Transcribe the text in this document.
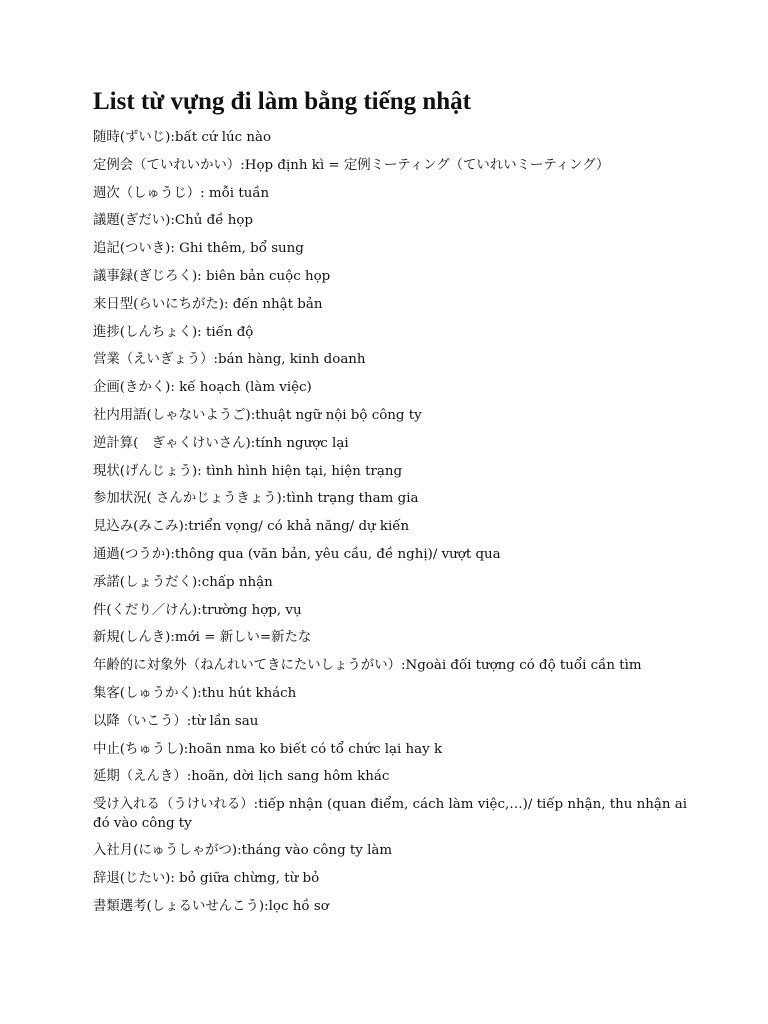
List từ vựng đi làm bằng tiếng nhật
随時(ずいじ):bất cứ lúc nào
定例会（ていれいかい）:Họp định kì = 定例ミーティング（ていれいミーティング）
週次（しゅうじ）: mỗi tuần
議題(ぎだい):Chủ đề họp
追記(ついき): Ghi thêm, bổ sung
議事録(ぎじろく): biên bản cuộc họp
来日型(らいにちがた): đến nhật bản
進捗(しんちょく): tiến độ
営業（えいぎょう）:bán hàng, kinh doanh
企画(きかく): kế hoạch (làm việc)
社内用語(しゃないようご):thuật ngữ nội bộ công ty
逆計算(　ぎゃくけいさん):tính ngược lại
現状(げんじょう): tình hình hiện tại, hiện trạng
参加状況( さんかじょうきょう):tình trạng tham gia
見込み(みこみ):triển vọng/ có khả năng/ dự kiến
通過(つうか):thông qua (văn bản, yêu cầu, đề nghị)/ vượt qua
承諾(しょうだく):chấp nhận
件(くだり／けん):trường hợp, vụ
新規(しんき):mới = 新しい=新たな
年齢的に対象外（ねんれいてきにたいしょうがい）:Ngoài đối tượng có độ tuổi cần tìm
集客(しゅうかく):thu hút khách
以降（いこう）:từ lần sau
中止(ちゅうし):hoãn nma ko biết có tổ chức lại hay k
延期（えんき）:hoãn, dời lịch sang hôm khác
受け入れる（うけいれる）:tiếp nhận (quan điểm, cách làm việc,…)/ tiếp nhận, thu nhận ai đó vào công ty
入社月(にゅうしゃがつ):tháng vào công ty làm
辞退(じたい): bỏ giữa chừng, từ bỏ
書類選考(しょるいせんこう):lọc hồ sơ
